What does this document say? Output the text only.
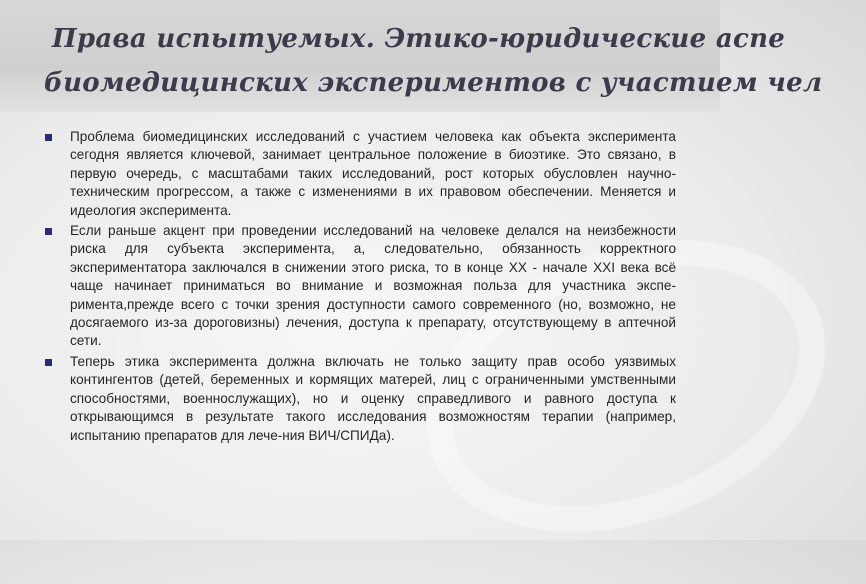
Права испытуемых. Этико-юридические аспе
биомедицинских экспериментов с участием чел
Проблема биомедицинских исследований с участием человека как объекта эксперимента сегодня является ключевой, занимает центральное положение в биоэтике. Это связано, в первую очередь, с масштабами таких исследований, рост которых обусловлен научно-техническим прогрессом, а также с изменениями в их правовом обеспечении. Меняется и идеология эксперимента.
Если раньше акцент при проведении исследований на человеке делался на неизбежности риска для субъекта эксперимента, а, следовательно, обязанность корректного экспериментатора заключался в снижении этого риска, то в конце XX - начале XXI века всё чаще начинает приниматься во внимание и возможная польза для участника экспе-римента,прежде всего с точки зрения доступности самого современного (но, возможно, не досягаемого из-за дороговизны) лечения, доступа к препарату, отсутствующему в аптечной сети.
Теперь этика эксперимента должна включать не только защиту прав особо уязвимых контингентов (детей, беременных и кормящих матерей, лиц с ограниченными умственными способностями, военнослужащих), но и оценку справедливого и равного доступа к открывающимся в результате такого исследования возможностям терапии (например, испытанию препаратов для лече-ния ВИЧ/СПИДа).
